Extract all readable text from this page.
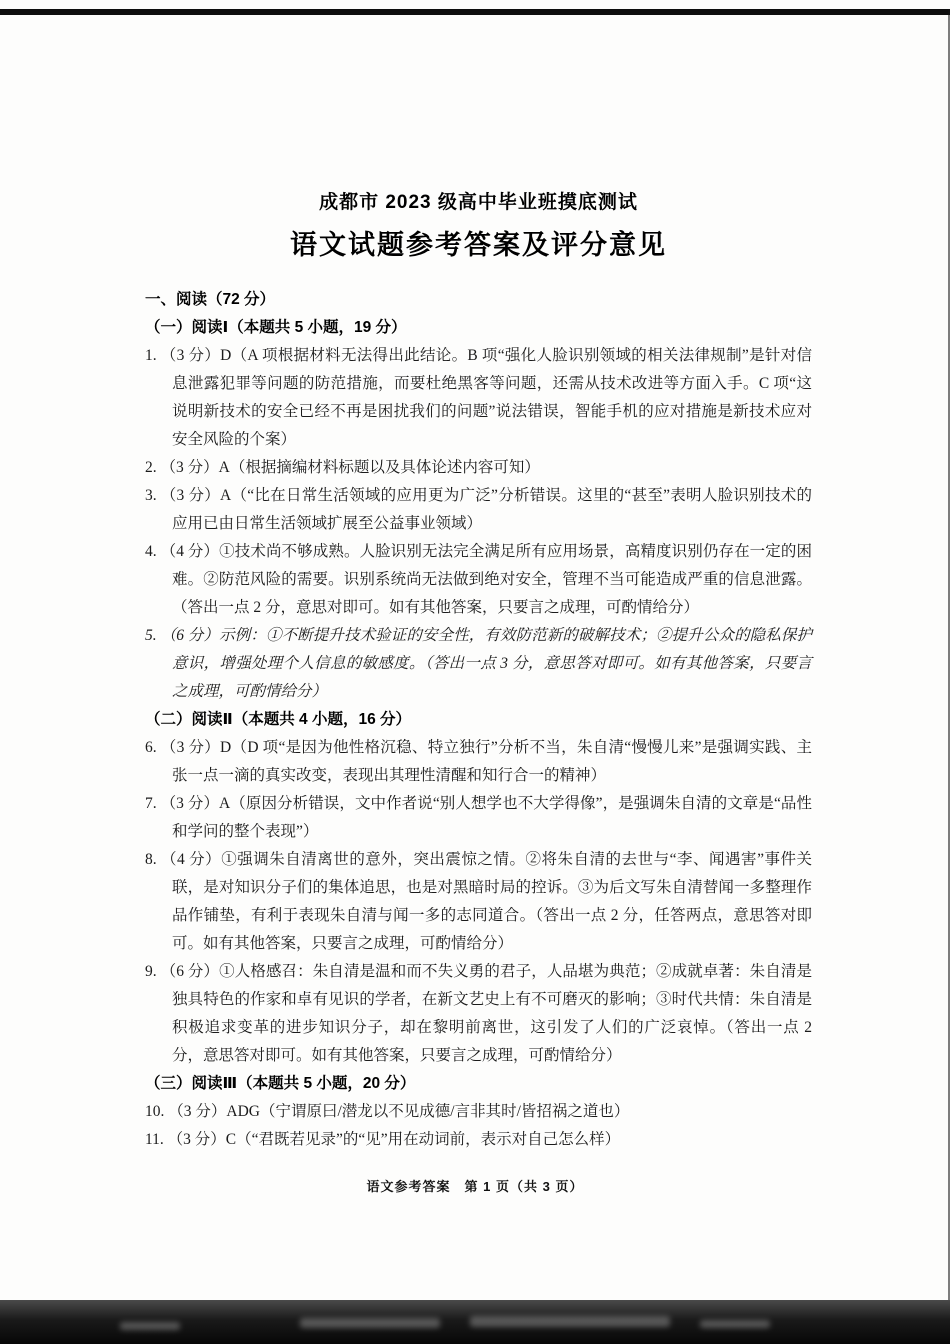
成都市 2023 级高中毕业班摸底测试
语文试题参考答案及评分意见

一、阅读（72 分）

（一）阅读Ⅰ（本题共 5 小题，19 分）

1. （3 分）D（A 项根据材料无法得出此结论。B 项“强化人脸识别领域的相关法律规制”是针对信息泄露犯罪等问题的防范措施，而要杜绝黑客等问题，还需从技术改进等方面入手。C 项“这说明新技术的安全已经不再是困扰我们的问题”说法错误，智能手机的应对措施是新技术应对安全风险的个案）

2. （3 分）A（根据摘编材料标题以及具体论述内容可知）

3. （3 分）A（“比在日常生活领域的应用更为广泛”分析错误。这里的“甚至”表明人脸识别技术的应用已由日常生活领域扩展至公益事业领域）

4. （4 分）①技术尚不够成熟。人脸识别无法完全满足所有应用场景，高精度识别仍存在一定的困难。②防范风险的需要。识别系统尚无法做到绝对安全，管理不当可能造成严重的信息泄露。（答出一点 2 分，意思对即可。如有其他答案，只要言之成理，可酌情给分）

5. （6 分）示例：①不断提升技术验证的安全性，有效防范新的破解技术；②提升公众的隐私保护意识，增强处理个人信息的敏感度。（答出一点 3 分，意思答对即可。如有其他答案，只要言之成理，可酌情给分）

（二）阅读Ⅱ（本题共 4 小题，16 分）

6. （3 分）D（D 项“是因为他性格沉稳、特立独行”分析不当，朱自清“慢慢儿来”是强调实践、主张一点一滴的真实改变，表现出其理性清醒和知行合一的精神）

7. （3 分）A（原因分析错误，文中作者说“别人想学也不大学得像”，是强调朱自清的文章是“品性和学问的整个表现”）

8. （4 分）①强调朱自清离世的意外，突出震惊之情。②将朱自清的去世与“李、闻遇害”事件关联，是对知识分子们的集体追思，也是对黑暗时局的控诉。③为后文写朱自清替闻一多整理作品作铺垫，有利于表现朱自清与闻一多的志同道合。（答出一点 2 分，任答两点，意思答对即可。如有其他答案，只要言之成理，可酌情给分）

9. （6 分）①人格感召：朱自清是温和而不失义勇的君子，人品堪为典范；②成就卓著：朱自清是独具特色的作家和卓有见识的学者，在新文艺史上有不可磨灭的影响；③时代共情：朱自清是积极追求变革的进步知识分子，却在黎明前离世，这引发了人们的广泛哀悼。（答出一点 2 分，意思答对即可。如有其他答案，只要言之成理，可酌情给分）

（三）阅读Ⅲ（本题共 5 小题，20 分）

10. （3 分）ADG（宁谓原曰/潜龙以不见成德/言非其时/皆招祸之道也）

11. （3 分）C（“君既若见录”的“见”用在动词前，表示对自己怎么样）

语文参考答案　第 1 页（共 3 页）
